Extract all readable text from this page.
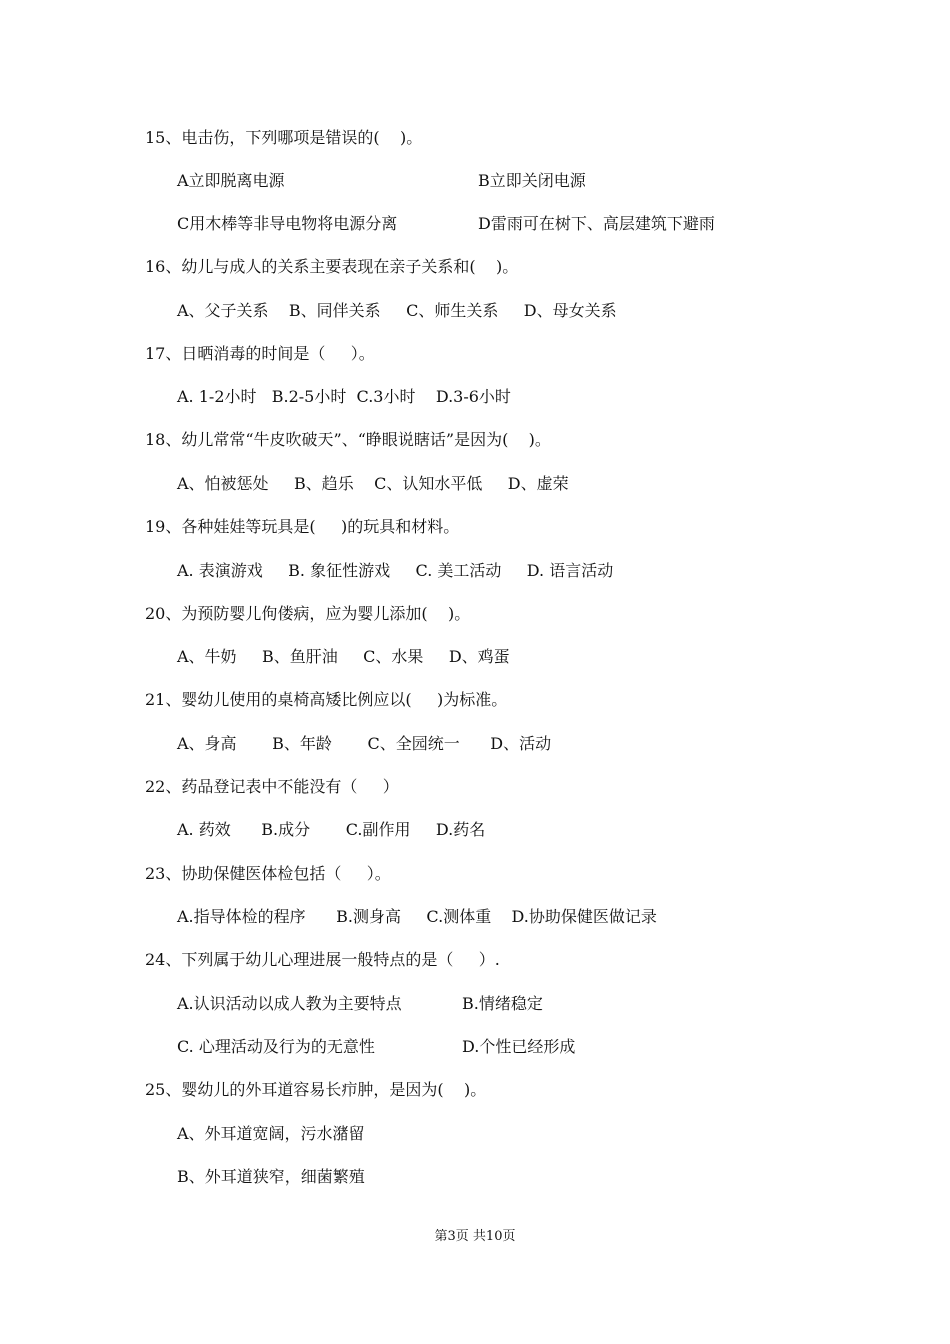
15、电击伤，下列哪项是错误的(    )。
A立即脱离电源	B立即关闭电源
C用木棒等非导电物将电源分离	D雷雨可在树下、高层建筑下避雨
16、幼儿与成人的关系主要表现在亲子关系和(    )。
A、父子关系    B、同伴关系     C、师生关系     D、母女关系
17、日晒消毒的时间是（     ）。
A. 1-2小时   B.2-5小时  C.3小时    D.3-6小时
18、幼儿常常“牛皮吹破天”、“睁眼说瞎话”是因为(    )。
A、怕被惩处     B、趋乐    C、认知水平低     D、虚荣
19、各种娃娃等玩具是(     )的玩具和材料。
A. 表演游戏     B. 象征性游戏     C. 美工活动     D. 语言活动
20、为预防婴儿佝偻病，应为婴儿添加(    )。
A、牛奶     B、鱼肝油     C、水果     D、鸡蛋
21、婴幼儿使用的桌椅高矮比例应以(     )为标准。
A、身高       B、年龄       C、全园统一      D、活动
22、药品登记表中不能没有（     ）
A. 药效      B.成分       C.副作用     D.药名
23、协助保健医体检包括（     ）。
A.指导体检的程序      B.测身高     C.测体重    D.协助保健医做记录
24、下列属于幼儿心理进展一般特点的是（     ）.
A.认识活动以成人教为主要特点	B.情绪稳定
C. 心理活动及行为的无意性	D.个性已经形成
25、婴幼儿的外耳道容易长疖肿，是因为(    )。
A、外耳道宽阔，污水潴留
B、外耳道狭窄，细菌繁殖
第3页 共10页
